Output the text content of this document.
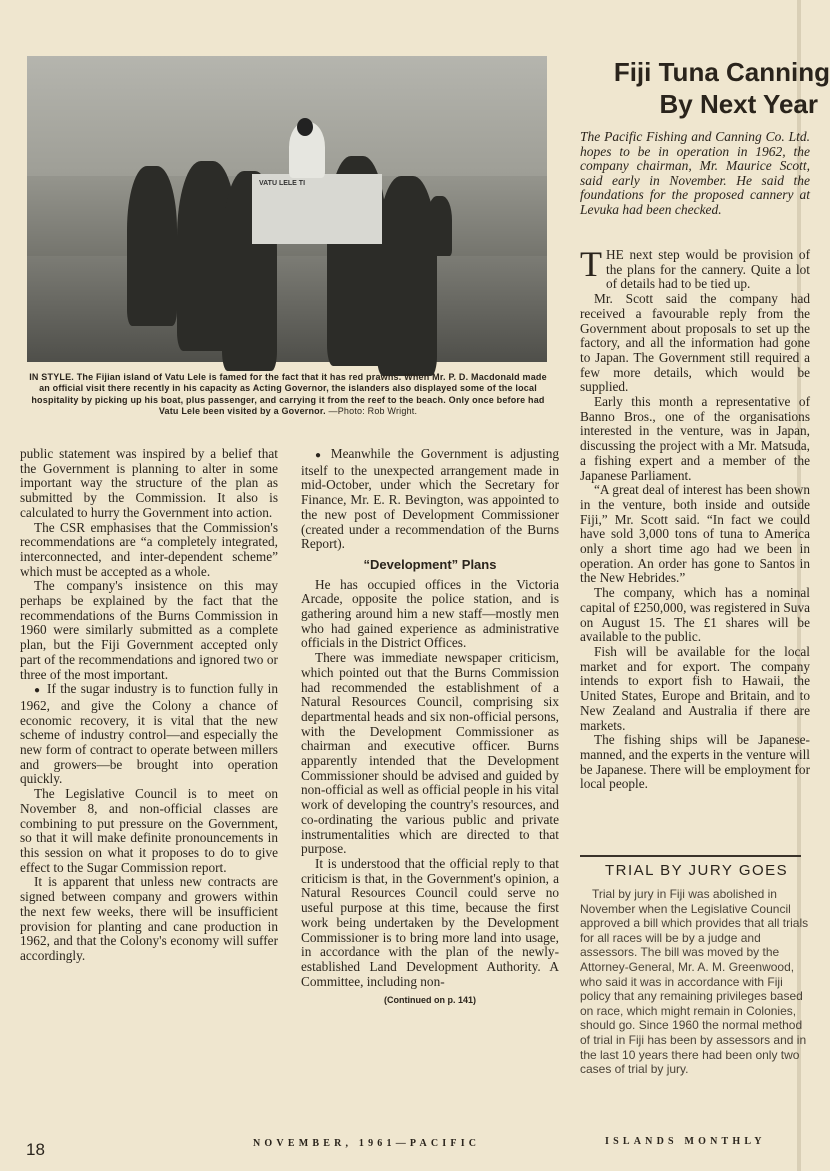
VATU LELE TI
IN STYLE. The Fijian island of Vatu Lele is famed for the fact that it has red prawns. When Mr. P. D. Macdonald made an official visit there recently in his capacity as Acting Governor, the islanders also displayed some of the local hospitality by picking up his boat, plus passenger, and carrying it from the reef to the beach. Only once before had Vatu Lele been visited by a Governor. —Photo: Rob Wright.

public statement was inspired by a belief that the Government is planning to alter in some important way the structure of the plan as submitted by the Commission. It also is calculated to hurry the Government into action.

The CSR emphasises that the Commission's recommendations are “a completely integrated, interconnected, and inter-dependent scheme” which must be accepted as a whole.

The company's insistence on this may perhaps be explained by the fact that the recommendations of the Burns Commission in 1960 were similarly submitted as a complete plan, but the Fiji Government accepted only part of the recommendations and ignored two or three of the most important.

● If the sugar industry is to function fully in 1962, and give the Colony a chance of economic recovery, it is vital that the new scheme of industry control—and especially the new form of contract to operate between millers and growers—be brought into operation quickly.

The Legislative Council is to meet on November 8, and non-official classes are combining to put pressure on the Government, so that it will make definite pronouncements in this session on what it proposes to do to give effect to the Sugar Commission report.

It is apparent that unless new contracts are signed between company and growers within the next few weeks, there will be insufficient provision for planting and cane production in 1962, and that the Colony's economy will suffer accordingly.

● Meanwhile the Government is adjusting itself to the unexpected arrangement made in mid-October, under which the Secretary for Finance, Mr. E. R. Bevington, was appointed to the new post of Development Commissioner (created under a recommendation of the Burns Report).

“Development” Plans

He has occupied offices in the Victoria Arcade, opposite the police station, and is gathering around him a new staff—mostly men who had gained experience as administrative officials in the District Offices.

There was immediate newspaper criticism, which pointed out that the Burns Commission had recommended the establishment of a Natural Resources Council, comprising six departmental heads and six non-official persons, with the Development Commissioner as chairman and executive officer. Burns apparently intended that the Development Commissioner should be advised and guided by non-official as well as official people in his vital work of developing the country's resources, and co-ordinating the various public and private instrumentalities which are directed to that purpose.

It is understood that the official reply to that criticism is that, in the Government's opinion, a Natural Resources Council could serve no useful purpose at this time, because the first work being undertaken by the Development Commissioner is to bring more land into usage, in accordance with the plan of the newly-established Land Development Authority. A Committee, including non-

(Continued on p. 141)
Fiji Tuna Canning
By Next Year
The Pacific Fishing and Canning Co. Ltd. hopes to be in operation in 1962, the company chairman, Mr. Maurice Scott, said early in November. He said the foundations for the proposed cannery at Levuka had been checked.

THE next step would be provision of the plans for the cannery. Quite a lot of details had to be tied up.

Mr. Scott said the company had received a favourable reply from the Government about proposals to set up the factory, and all the information had gone to Japan. The Government still required a few more details, which would be supplied.

Early this month a representative of Banno Bros., one of the organisations interested in the venture, was in Japan, discussing the project with a Mr. Matsuda, a fishing expert and a member of the Japanese Parliament.

“A great deal of interest has been shown in the venture, both inside and outside Fiji,” Mr. Scott said. “In fact we could have sold 3,000 tons of tuna to America only a short time ago had we been in operation. An order has gone to Santos in the New Hebrides.”

The company, which has a nominal capital of £250,000, was registered in Suva on August 15. The £1 shares will be available to the public.

Fish will be available for the local market and for export. The company intends to export fish to Hawaii, the United States, Europe and Britain, and to New Zealand and Australia if there are markets.

The fishing ships will be Japanese-manned, and the experts in the venture will be Japanese. There will be employment for local people.

TRIAL BY JURY GOES

Trial by jury in Fiji was abolished in November when the Legislative Council approved a bill which provides that all trials for all races will be by a judge and assessors. The bill was moved by the Attorney-General, Mr. A. M. Greenwood, who said it was in accordance with Fiji policy that any remaining privileges based on race, which might remain in Colonies, should go. Since 1960 the normal method of trial in Fiji has been by assessors and in the last 10 years there had been only two cases of trial by jury.

18	NOVEMBER, 1961—PACIFIC	ISLANDS MONTHLY
